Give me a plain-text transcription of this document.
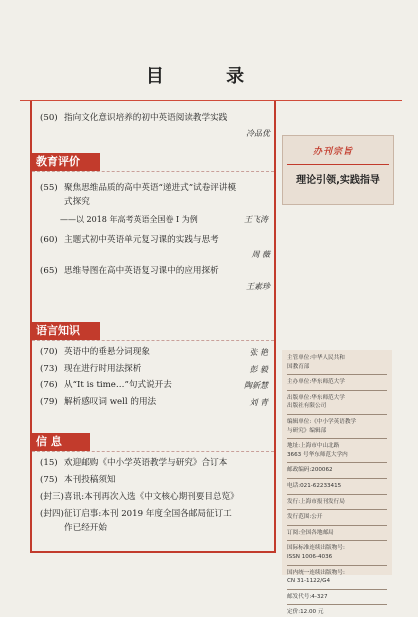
目 录
(50) 指向文化意识培养的初中英语阅读教学实践
冷品优
教育评价
(55) 聚焦思维品质的高中英语“递进式”试卷评讲模
式探究
——以 2018 年高考英语全国卷 I 为例	王飞涛
(60) 主题式初中英语单元复习课的实践与思考
周 薇
(65) 思维导图在高中英语复习课中的应用探析
王素珍
语言知识
(70) 英语中的垂悬分词现象	张 艳
(73) 现在进行时用法探析	彭 毅
(76) 从“It is time…”句式说开去	陶新慧
(79) 解析感叹词 well 的用法	刘 青
信 息
(15) 欢迎邮购《中小学英语教学与研究》合订本
(75) 本刊投稿须知
(封三)喜讯:本刊再次入选《中文核心期刊要目总览》
(封四)征订启事:本刊 2019 年度全国各邮局征订工
作已经开始
办刊宗旨
理论引领,实践指导
主管单位:中华人民共和
国教育部
主办单位:华东师范大学
出版单位:华东师范大学
出版社有限公司
编辑单位:《中小学英语教学
与研究》编辑部
地址:上海市中山北路
3663 号华东师范大学内
邮政编码:200062
电话:021-62233415
发行:上海市报刊发行局
发行范围:公开
订阅:全国各地邮局
国际标准连续出版物号:
ISSN 1006-4036
国内统一连续出版物号:
CN 31-1122/G4
邮发代号:4-327
定价:12.00 元
